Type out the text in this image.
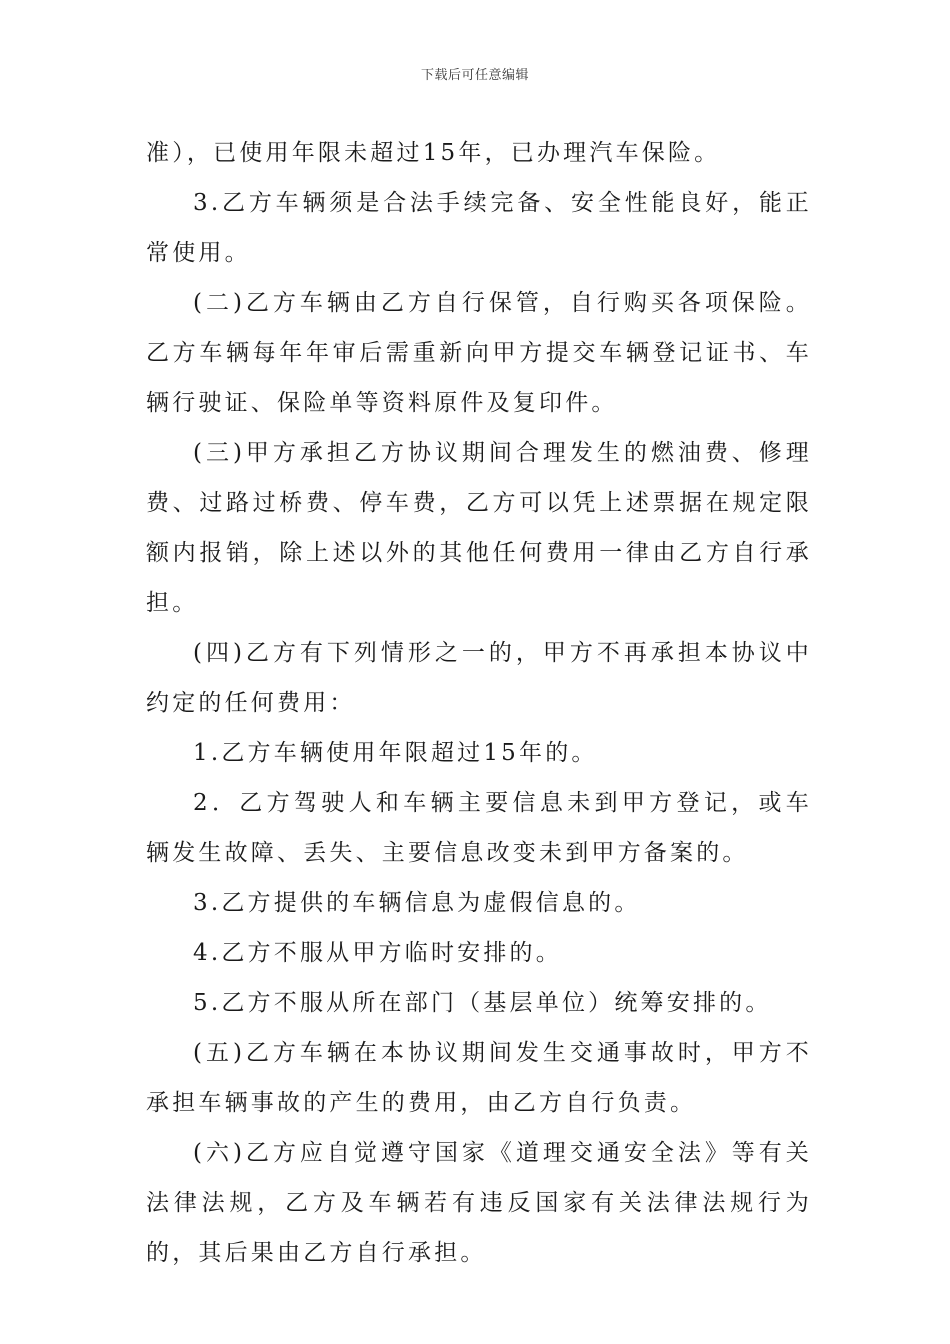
下载后可任意编辑

准），已使用年限未超过15年，已办理汽车保险。

3.乙方车辆须是合法手续完备、安全性能良好，能正常使用。

(二)乙方车辆由乙方自行保管，自行购买各项保险。乙方车辆每年年审后需重新向甲方提交车辆登记证书、车辆行驶证、保险单等资料原件及复印件。

(三)甲方承担乙方协议期间合理发生的燃油费、修理费、过路过桥费、停车费，乙方可以凭上述票据在规定限额内报销，除上述以外的其他任何费用一律由乙方自行承担。

(四)乙方有下列情形之一的，甲方不再承担本协议中约定的任何费用：

1.乙方车辆使用年限超过15年的。

2．乙方驾驶人和车辆主要信息未到甲方登记，或车辆发生故障、丢失、主要信息改变未到甲方备案的。

3.乙方提供的车辆信息为虚假信息的。

4.乙方不服从甲方临时安排的。

5.乙方不服从所在部门（基层单位）统筹安排的。

(五)乙方车辆在本协议期间发生交通事故时，甲方不承担车辆事故的产生的费用，由乙方自行负责。

(六)乙方应自觉遵守国家《道理交通安全法》等有关法律法规，乙方及车辆若有违反国家有关法律法规行为的，其后果由乙方自行承担。
